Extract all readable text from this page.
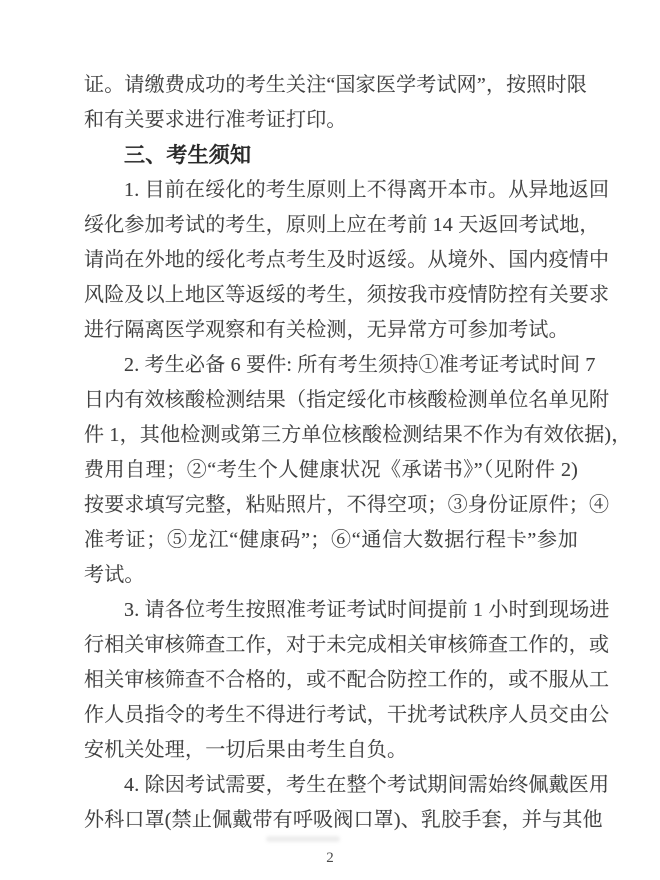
证。请缴费成功的考生关注“国家医学考试网”，按照时限
和有关要求进行准考证打印。
三、考生须知
1. 目前在绥化的考生原则上不得离开本市。从异地返回
绥化参加考试的考生，原则上应在考前 14 天返回考试地，
请尚在外地的绥化考点考生及时返绥。从境外、国内疫情中
风险及以上地区等返绥的考生，须按我市疫情防控有关要求
进行隔离医学观察和有关检测，无异常方可参加考试。
2. 考生必备 6 要件: 所有考生须持①准考证考试时间 7
日内有效核酸检测结果（指定绥化市核酸检测单位名单见附
件 1，其他检测或第三方单位核酸检测结果不作为有效依据)，
费用自理；②“考生个人健康状况《承诺书》”（见附件 2)
按要求填写完整，粘贴照片，不得空项；③身份证原件；④
准考证；⑤龙江“健康码”；⑥“通信大数据行程卡”参加
考试。
3. 请各位考生按照准考证考试时间提前 1 小时到现场进
行相关审核筛查工作，对于未完成相关审核筛查工作的，或
相关审核筛查不合格的，或不配合防控工作的，或不服从工
作人员指令的考生不得进行考试，干扰考试秩序人员交由公
安机关处理，一切后果由考生自负。
4. 除因考试需要，考生在整个考试期间需始终佩戴医用
外科口罩(禁止佩戴带有呼吸阀口罩)、乳胶手套，并与其他
2
